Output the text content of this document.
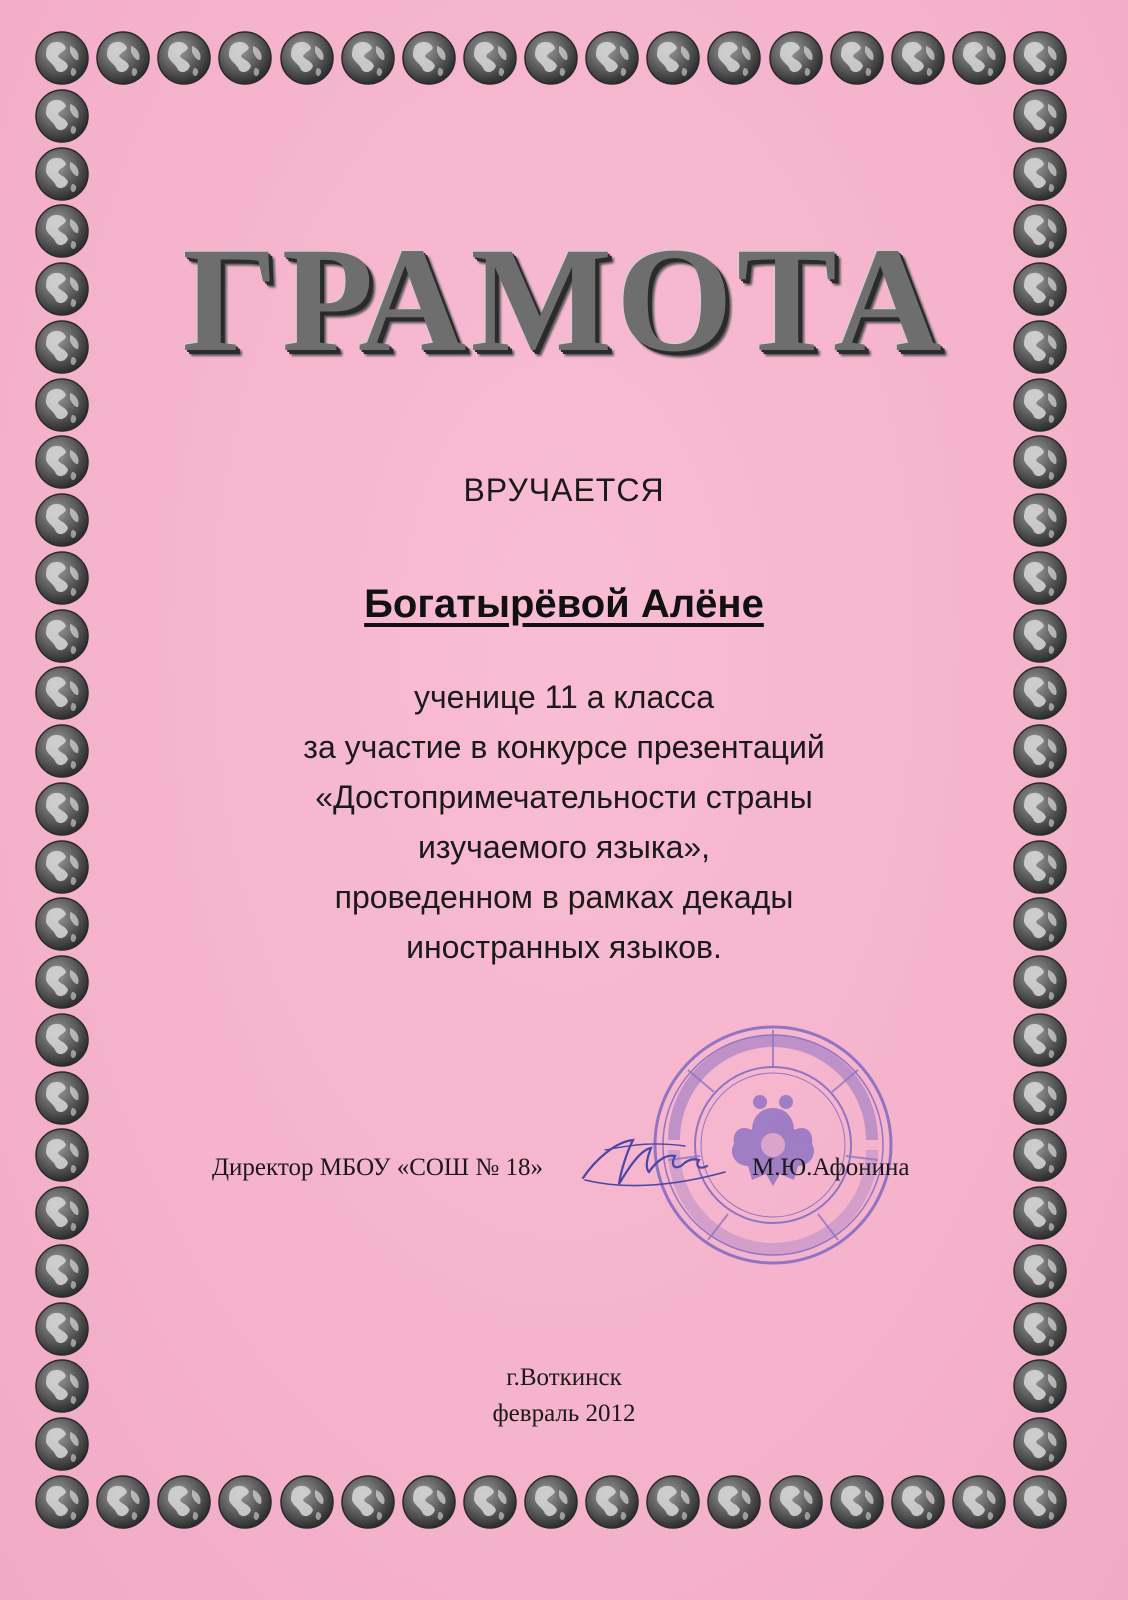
ГРАМОТА
ВРУЧАЕТСЯ
Богатырёвой Алёне
ученице 11 а класса
за участие в конкурсе презентаций
«Достопримечательности страны
изучаемого языка»,
проведенном в рамках декады
иностранных языков.
Директор МБОУ «СОШ № 18»	М.Ю.Афонина
г.Воткинск
февраль 2012
